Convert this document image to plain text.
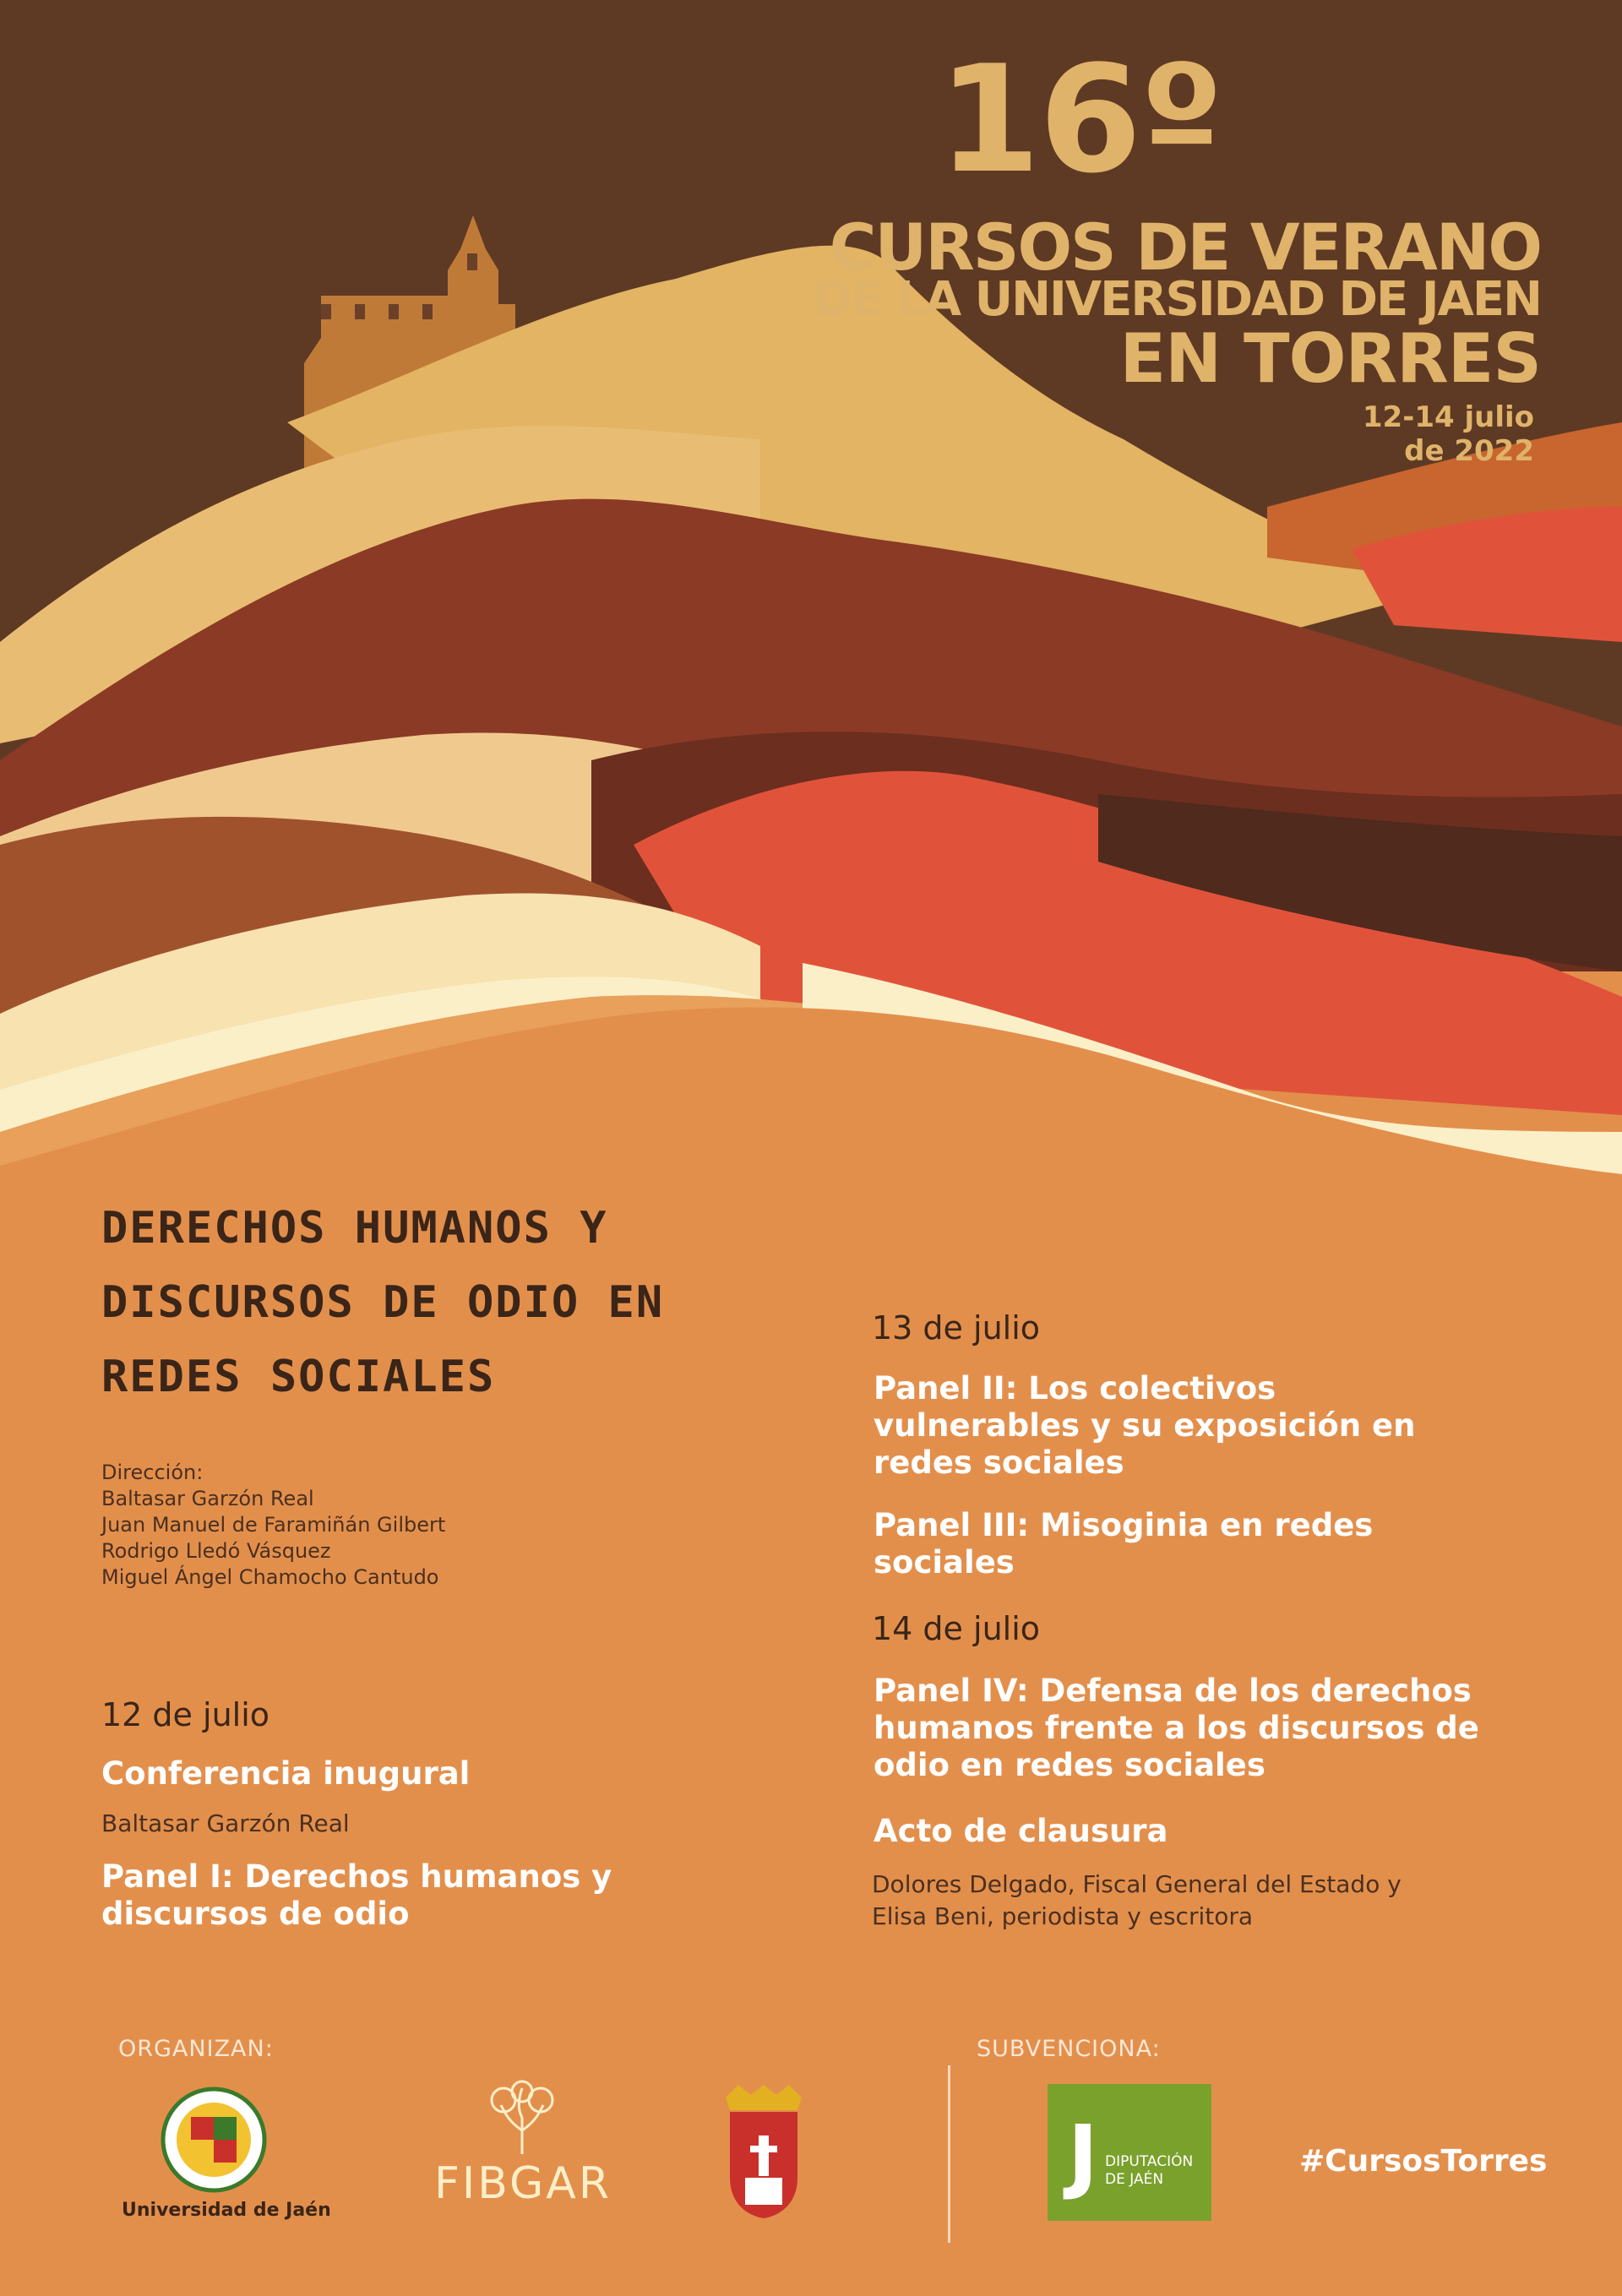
16º
CURSOS DE VERANO
DE LA UNIVERSIDAD DE JAEN
EN TORRES
12-14 julio
de 2022
DERECHOS HUMANOS Y
DISCURSOS DE ODIO EN
REDES SOCIALES
Dirección:
Baltasar Garzón Real
Juan Manuel de Faramiñán Gilbert
Rodrigo Lledó Vásquez
Miguel Ángel Chamocho Cantudo
12 de julio
Conferencia inugural
Baltasar Garzón Real
Panel I: Derechos humanos y
discursos de odio
13 de julio
Panel II: Los colectivos
vulnerables y su exposición en
redes sociales
Panel III: Misoginia en redes
sociales
14 de julio
Panel IV: Defensa de los derechos
humanos frente a los discursos de
odio en redes sociales
Acto de clausura
Dolores Delgado, Fiscal General del Estado y
Elisa Beni, periodista y escritora
ORGANIZAN:	SUBVENCIONA:
Universidad de Jaén
FIBGAR	J DIPUTACIÓN
DE JAÉN
#CursosTorres
